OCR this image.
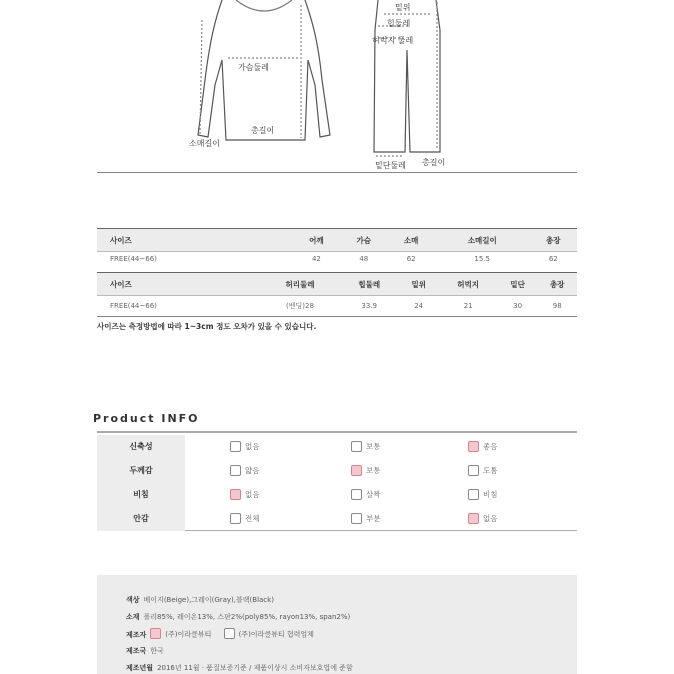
가슴둘레
총길이
소매길이
밑위
힙둘레
허벅지 둘레
밑단둘레 총길이
사이즈	어깨	가슴	소매	소매길이	총장
FREE(44~66)	42	48	62	15.5	62
사이즈	허리둘레	힙둘레	밑위	허벅지	밑단	총장
FREE(44~66)	(밴딩)28	33.9	24	21	30	98
사이즈는 측정방법에 따라 1~3cm 정도 오차가 있을 수 있습니다.
Product INFO
신축성	없음	보통	좋음
두께감	얇음	보통	도톰
비침	없음	살짝	비침
안감	전체	부분	없음
색상 베이지(Beige),그레이(Gray),블랙(Black)
소재 폴리85%, 레이온13%, 스판2%(poly85%, rayon13%, span2%)
제조자	(주)이라클뷰티	(주)이라클뷰티 협력업체
제조국 한국
제조년월 2016년 11월 · 품질보증기준 / 제품이상시 소비자보호법에 준함
